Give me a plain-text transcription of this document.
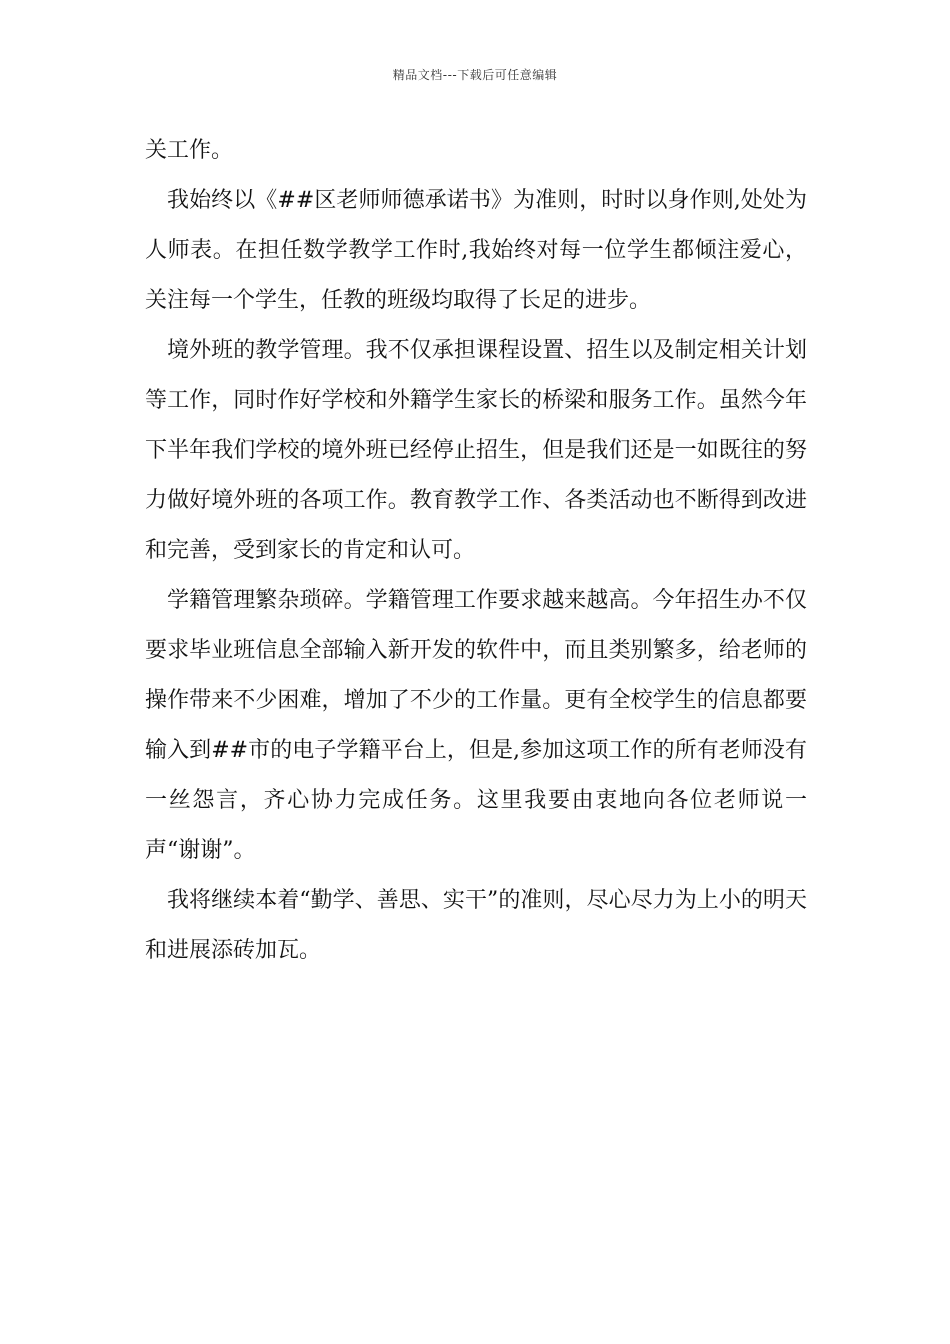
精品文档---下载后可任意编辑

关工作。

我始终以《##区老师师德承诺书》为准则，时时以身作则,处处为人师表。在担任数学教学工作时,我始终对每一位学生都倾注爱心，关注每一个学生，任教的班级均取得了长足的进步。

境外班的教学管理。我不仅承担课程设置、招生以及制定相关计划等工作，同时作好学校和外籍学生家长的桥梁和服务工作。虽然今年下半年我们学校的境外班已经停止招生，但是我们还是一如既往的努力做好境外班的各项工作。教育教学工作、各类活动也不断得到改进和完善，受到家长的肯定和认可。

学籍管理繁杂琐碎。学籍管理工作要求越来越高。今年招生办不仅要求毕业班信息全部输入新开发的软件中，而且类别繁多，给老师的操作带来不少困难，增加了不少的工作量。更有全校学生的信息都要输入到##市的电子学籍平台上，但是,参加这项工作的所有老师没有一丝怨言，齐心协力完成任务。这里我要由衷地向各位老师说一声“谢谢”。

我将继续本着“勤学、善思、实干”的准则，尽心尽力为上小的明天和进展添砖加瓦。
